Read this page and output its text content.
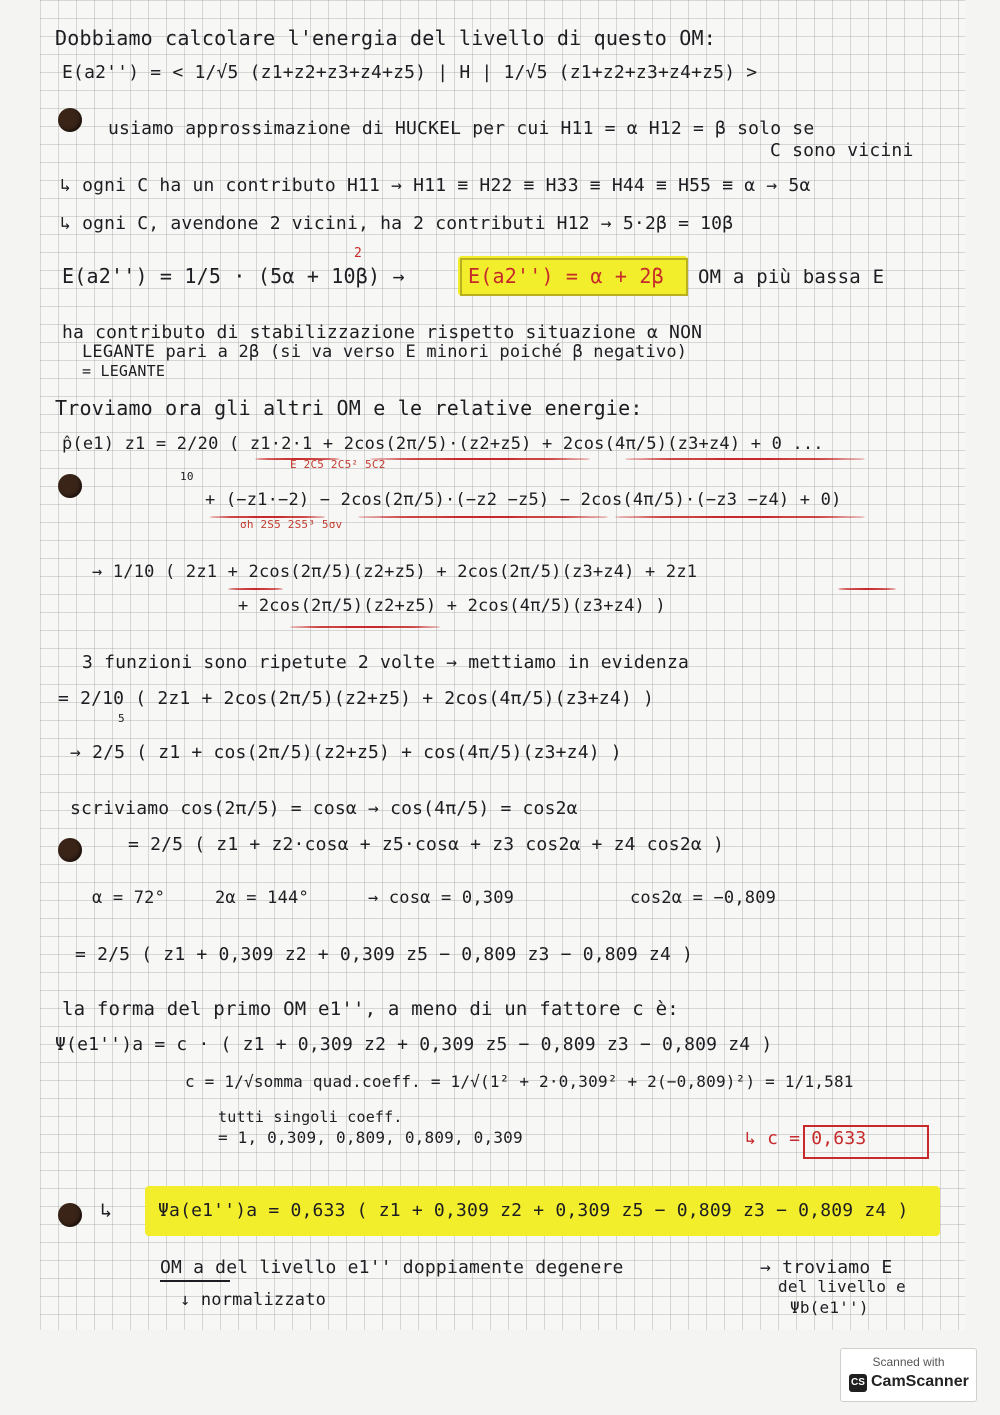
Dobbiamo calcolare l'energia del livello di questo OM:
E(a2'') = < 1/√5 (z1+z2+z3+z4+z5) | H | 1/√5 (z1+z2+z3+z4+z5) >
usiamo approssimazione di HUCKEL per cui H11 = α H12 = β solo se
C sono vicini
↳ ogni C ha un contributo H11 → H11 ≡ H22 ≡ H33 ≡ H44 ≡ H55 ≡ α → 5α
↳ ogni C, avendone 2 vicini, ha 2 contributi H12 → 5·2β = 10β
E(a2'') = 1/5 · (5α + 10β) →
2
E(a2'') = α + 2β OM a più bassa E
ha contributo di stabilizzazione rispetto situazione α NON
LEGANTE pari a 2β (si va verso E minori poiché β negativo)
= LEGANTE
Troviamo ora gli altri OM e le relative energie:
p̂(e1) z1 = 2/20 ( z1·2·1 + 2cos(2π/5)·(z2+z5) + 2cos(4π/5)(z3+z4) + 0 ...
E 2C5 2C5² 5C2
10
+ (−z1·−2) − 2cos(2π/5)·(−z2 −z5) − 2cos(4π/5)·(−z3 −z4) + 0)
σh 2S5 2S5³ 5σv
→ 1/10 ( 2z1 + 2cos(2π/5)(z2+z5) + 2cos(2π/5)(z3+z4) + 2z1
+ 2cos(2π/5)(z2+z5) + 2cos(4π/5)(z3+z4) )
3 funzioni sono ripetute 2 volte → mettiamo in evidenza
= 2/10 ( 2z1 + 2cos(2π/5)(z2+z5) + 2cos(4π/5)(z3+z4) )
5
→ 2/5 ( z1 + cos(2π/5)(z2+z5) + cos(4π/5)(z3+z4) )
scriviamo cos(2π/5) = cosα → cos(4π/5) = cos2α
= 2/5 ( z1 + z2·cosα + z5·cosα + z3 cos2α + z4 cos2α )
α = 72°	2α = 144°	→ cosα = 0,309	cos2α = −0,809
= 2/5 ( z1 + 0,309 z2 + 0,309 z5 − 0,809 z3 − 0,809 z4 )
la forma del primo OM e1'', a meno di un fattore c è:
Ψ(e1'')a = c · ( z1 + 0,309 z2 + 0,309 z5 − 0,809 z3 − 0,809 z4 )
c = 1/√somma quad.coeff. = 1/√(1² + 2·0,309² + 2(−0,809)²) = 1/1,581
tutti singoli coeff.
= 1, 0,309, 0,809, 0,809, 0,309	↳ c = 0,633
↳	Ψa(e1'')a = 0,633 ( z1 + 0,309 z2 + 0,309 z5 − 0,809 z3 − 0,809 z4 )
OM a del livello e1'' doppiamente degenere	→ troviamo E
del livello e
Ψb(e1'')
↓ normalizzato
Scanned with
CS CamScanner
